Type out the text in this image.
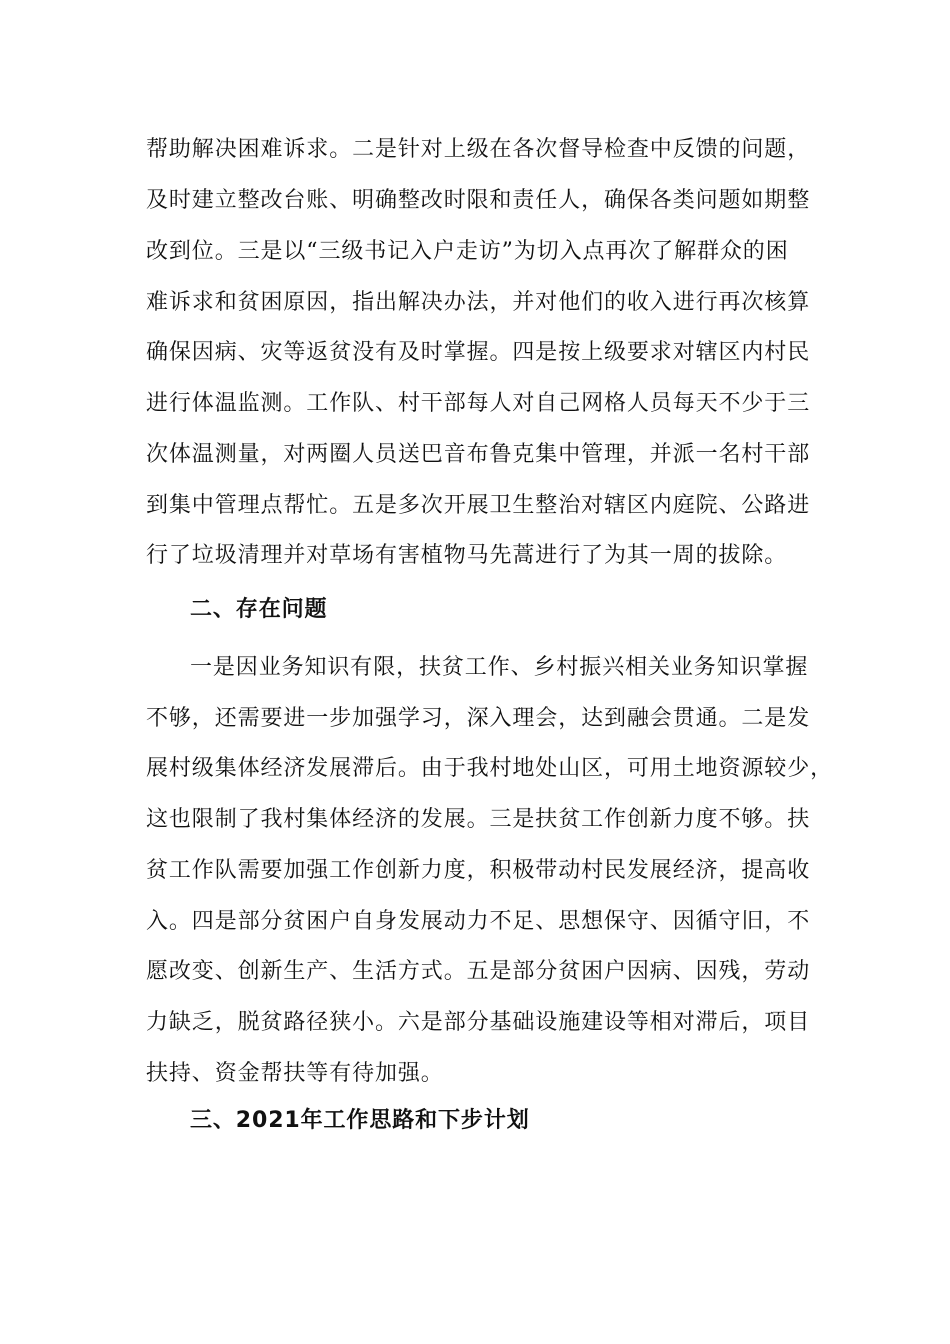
帮助解决困难诉求。二是针对上级在各次督导检查中反馈的问题，
及时建立整改台账、明确整改时限和责任人，确保各类问题如期整
改到位。三是以“三级书记入户走访”为切入点再次了解群众的困
难诉求和贫困原因，指出解决办法，并对他们的收入进行再次核算
确保因病、灾等返贫没有及时掌握。四是按上级要求对辖区内村民
进行体温监测。工作队、村干部每人对自己网格人员每天不少于三
次体温测量，对两圈人员送巴音布鲁克集中管理，并派一名村干部
到集中管理点帮忙。五是多次开展卫生整治对辖区内庭院、公路进
行了垃圾清理并对草场有害植物马先蒿进行了为其一周的拔除。
二、存在问题
一是因业务知识有限，扶贫工作、乡村振兴相关业务知识掌握
不够，还需要进一步加强学习，深入理会，达到融会贯通。二是发
展村级集体经济发展滞后。由于我村地处山区，可用土地资源较少，
这也限制了我村集体经济的发展。三是扶贫工作创新力度不够。扶
贫工作队需要加强工作创新力度，积极带动村民发展经济，提高收
入。四是部分贫困户自身发展动力不足、思想保守、因循守旧，不
愿改变、创新生产、生活方式。五是部分贫困户因病、因残，劳动
力缺乏，脱贫路径狭小。六是部分基础设施建设等相对滞后，项目
扶持、资金帮扶等有待加强。
三、2021年工作思路和下步计划
